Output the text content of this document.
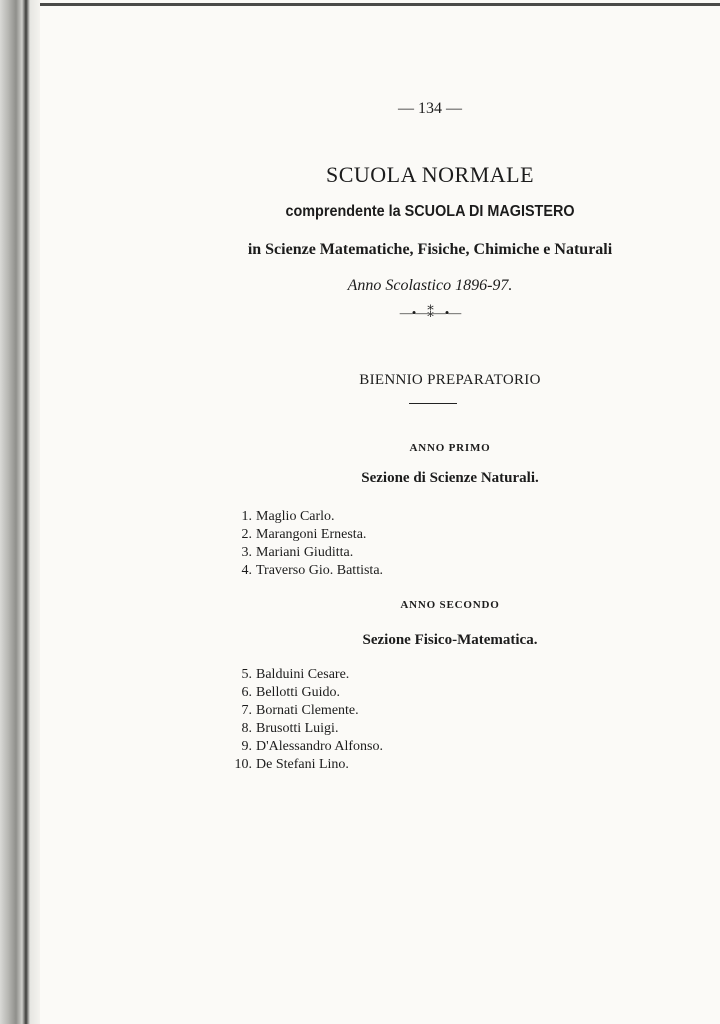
— 134 —
SCUOLA NORMALE
comprendente la SCUOLA DI MAGISTERO
in Scienze Matematiche, Fisiche, Chimiche e Naturali
Anno Scolastico 1896-97.
—•—⁑—•—
BIENNIO PREPARATORIO
ANNO PRIMO
Sezione di Scienze Naturali.
1. Maglio Carlo.
2. Marangoni Ernesta.
3. Mariani Giuditta.
4. Traverso Gio. Battista.
ANNO SECONDO
Sezione Fisico-Matematica.
5. Balduini Cesare.
6. Bellotti Guido.
7. Bornati Clemente.
8. Brusotti Luigi.
9. D'Alessandro Alfonso.
10. De Stefani Lino.
